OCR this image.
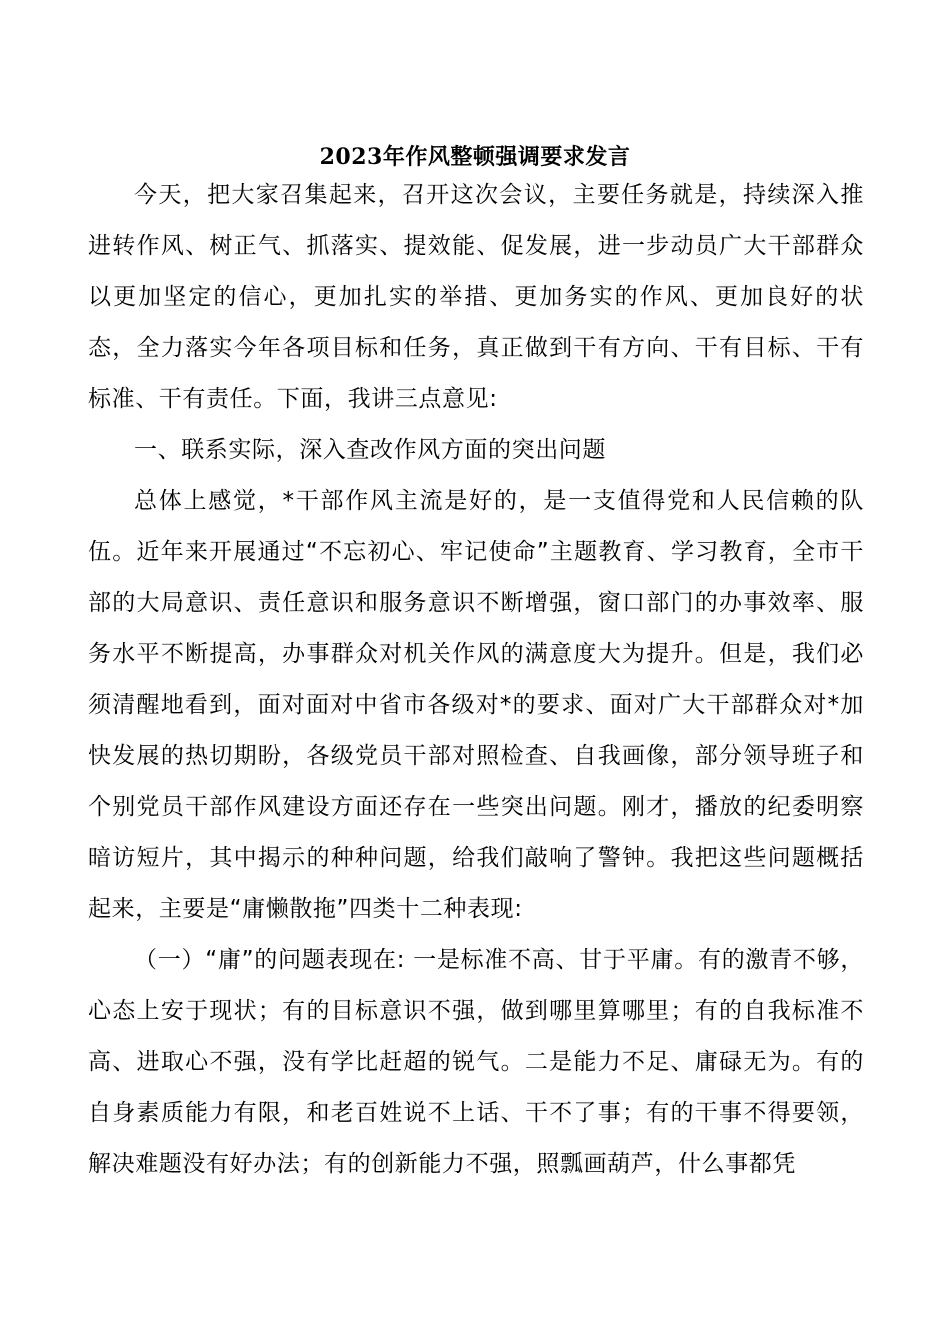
2023年作风整顿强调要求发言

今天，把大家召集起来，召开这次会议，主要任务就是，持续深入推进转作风、树正气、抓落实、提效能、促发展，进一步动员广大干部群众以更加坚定的信心，更加扎实的举措、更加务实的作风、更加良好的状态，全力落实今年各项目标和任务，真正做到干有方向、干有目标、干有标准、干有责任。下面，我讲三点意见:

一、联系实际，深入查改作风方面的突出问题

总体上感觉，*干部作风主流是好的，是一支值得党和人民信赖的队伍。近年来开展通过“不忘初心、牢记使命”主题教育、学习教育，全市干部的大局意识、责任意识和服务意识不断增强，窗口部门的办事效率、服务水平不断提高，办事群众对机关作风的满意度大为提升。但是，我们必须清醒地看到，面对面对中省市各级对*的要求、面对广大干部群众对*加快发展的热切期盼，各级党员干部对照检查、自我画像，部分领导班子和个别党员干部作风建设方面还存在一些突出问题。刚才，播放的纪委明察暗访短片，其中揭示的种种问题，给我们敲响了警钟。我把这些问题概括起来，主要是“庸懒散拖”四类十二种表现:

（一）“庸”的问题表现在: 一是标准不高、甘于平庸。有的激青不够，心态上安于现状；有的目标意识不强，做到哪里算哪里；有的自我标准不高、进取心不强，没有学比赶超的锐气。二是能力不足、庸碌无为。有的自身素质能力有限，和老百姓说不上话、干不了事；有的干事不得要领，解决难题没有好办法；有的创新能力不强，照瓢画葫芦，什么事都凭
